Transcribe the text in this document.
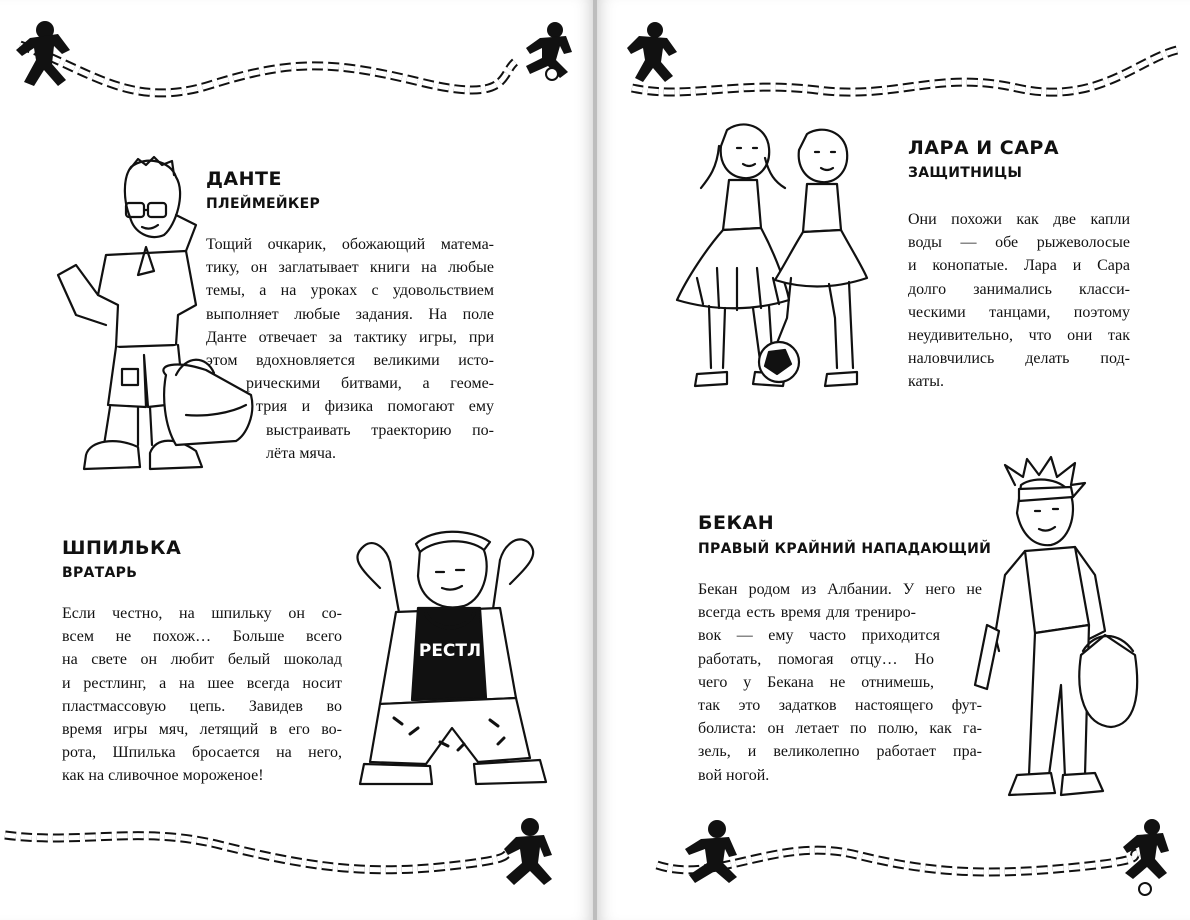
ДАНТЕ
ПЛЕЙМЕЙКЕР
Тощий очкарик, обожающий матема-
тику, он заглатывает книги на любые
темы, а на уроках с удовольствием
выполняет любые задания. На поле
Данте отвечает за тактику игры, при
этом вдохновляется великими исто-
рическими битвами, а геоме-
трия и физика помогают ему
выстраивать траекторию по-
лёта мяча.
ШПИЛЬКА
ВРАТАРЬ
Если честно, на шпильку он со-
всем не похож… Больше всего
на свете он любит белый шоколад
и рестлинг, а на шее всегда носит
пластмассовую цепь. Завидев во
время игры мяч, летящий в его во-
рота, Шпилька бросается на него,
как на сливочное мороженое!
РЕСТЛ
ЛАРА И САРА
ЗАЩИТНИЦЫ
Они похожи как две капли
воды — обе рыжеволосые
и конопатые. Лара и Сара
долго занимались класси-
ческими танцами, поэтому
неудивительно, что они так
наловчились делать под-
каты.
БЕКАН
ПРАВЫЙ КРАЙНИЙ НАПАДАЮЩИЙ
Бекан родом из Албании. У него не
всегда есть время для трениро-
вок — ему часто приходится
работать, помогая отцу… Но
чего у Бекана не отнимешь,
так это задатков настоящего фут-
болиста: он летает по полю, как га-
зель, и великолепно работает пра-
вой ногой.
